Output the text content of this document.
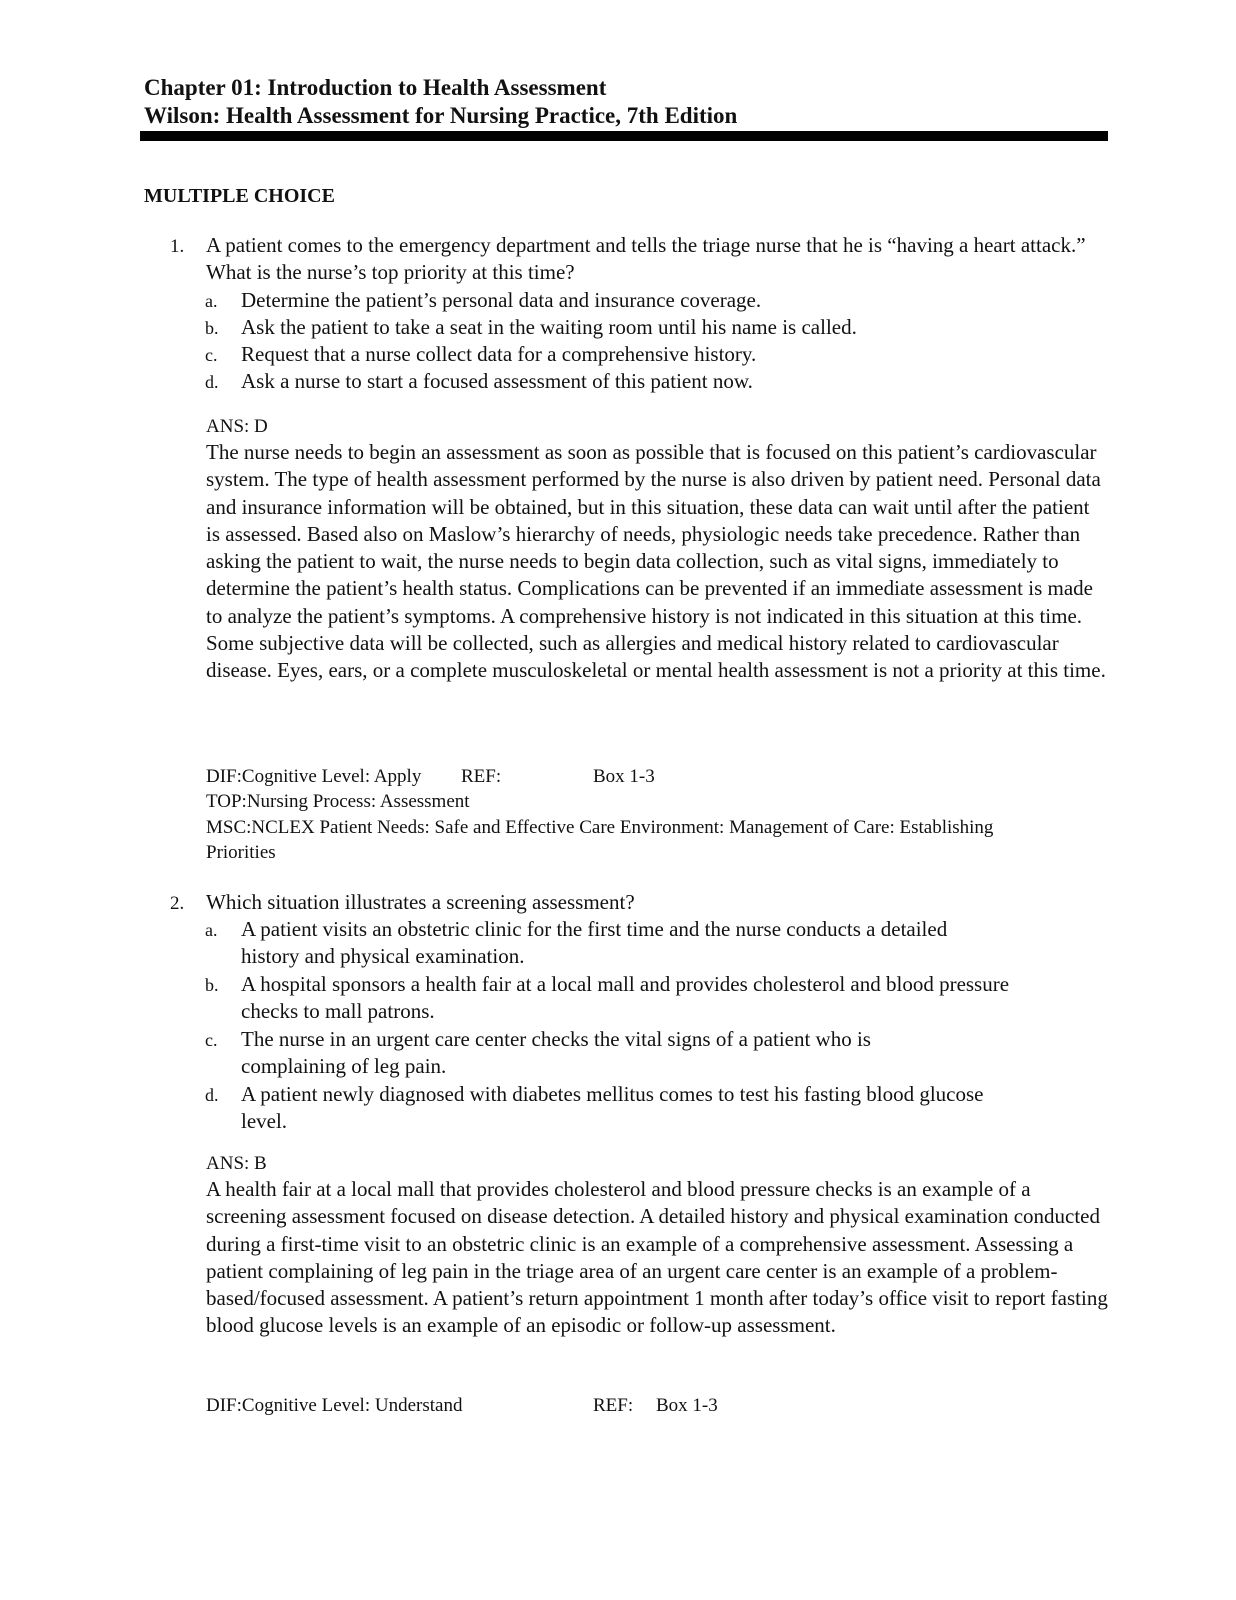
Chapter 01: Introduction to Health Assessment
Wilson: Health Assessment for Nursing Practice, 7th Edition
MULTIPLE CHOICE
1. A patient comes to the emergency department and tells the triage nurse that he is “having a heart attack.” What is the nurse’s top priority at this time?
a. Determine the patient’s personal data and insurance coverage.
b. Ask the patient to take a seat in the waiting room until his name is called.
c. Request that a nurse collect data for a comprehensive history.
d. Ask a nurse to start a focused assessment of this patient now.
ANS: D
The nurse needs to begin an assessment as soon as possible that is focused on this patient’s cardiovascular system. The type of health assessment performed by the nurse is also driven by patient need. Personal data and insurance information will be obtained, but in this situation, these data can wait until after the patient is assessed. Based also on Maslow’s hierarchy of needs, physiologic needs take precedence. Rather than asking the patient to wait, the nurse needs to begin data collection, such as vital signs, immediately to determine the patient’s health status. Complications can be prevented if an immediate assessment is made to analyze the patient’s symptoms. A comprehensive history is not indicated in this situation at this time. Some subjective data will be collected, such as allergies and medical history related to cardiovascular disease. Eyes, ears, or a complete musculoskeletal or mental health assessment is not a priority at this time.
DIF:Cognitive Level: Apply REF:	Box 1-3
TOP:Nursing Process: Assessment
MSC:NCLEX Patient Needs: Safe and Effective Care Environment: Management of Care: Establishing Priorities
2. Which situation illustrates a screening assessment?
a. A patient visits an obstetric clinic for the first time and the nurse conducts a detailed history and physical examination.
b. A hospital sponsors a health fair at a local mall and provides cholesterol and blood pressure checks to mall patrons.
c. The nurse in an urgent care center checks the vital signs of a patient who is complaining of leg pain.
d. A patient newly diagnosed with diabetes mellitus comes to test his fasting blood glucose level.
ANS: B
A health fair at a local mall that provides cholesterol and blood pressure checks is an example of a screening assessment focused on disease detection. A detailed history and physical examination conducted during a first-time visit to an obstetric clinic is an example of a comprehensive assessment. Assessing a patient complaining of leg pain in the triage area of an urgent care center is an example of a problem-based/focused assessment. A patient’s return appointment 1 month after today’s office visit to report fasting blood glucose levels is an example of an episodic or follow-up assessment.
DIF:Cognitive Level: Understand	REF: Box 1-3
